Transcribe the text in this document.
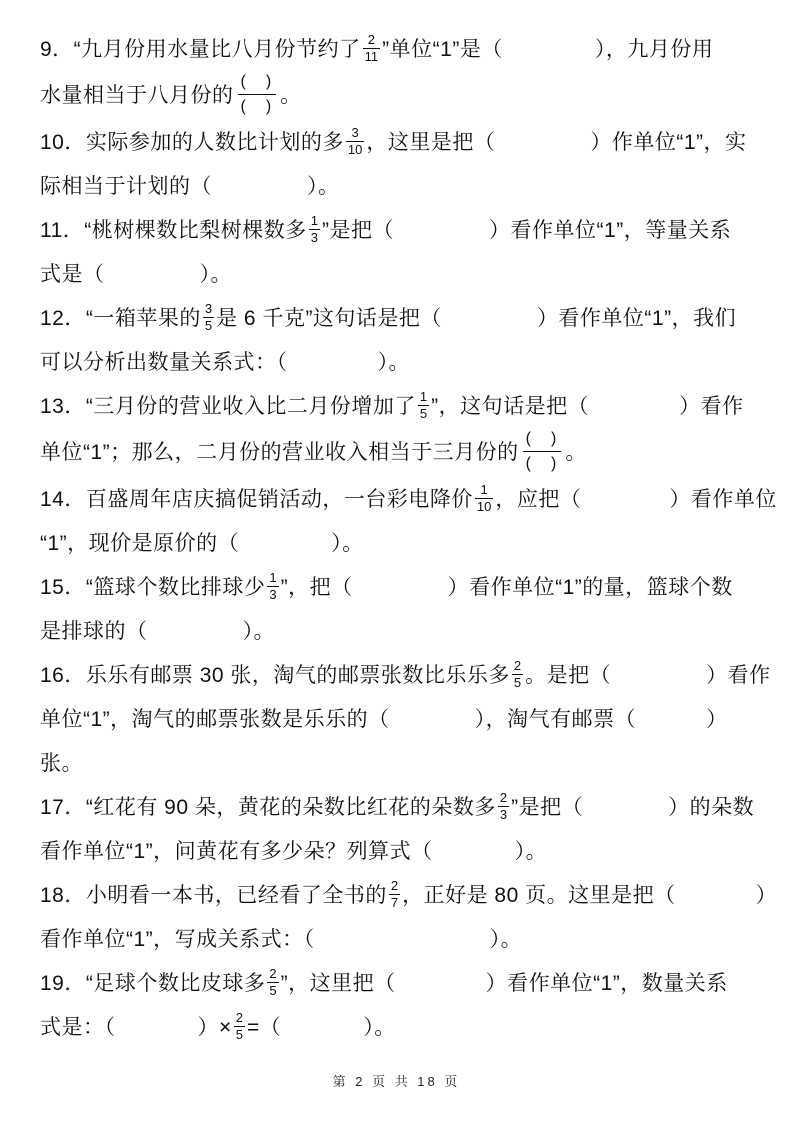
9．“九月份用水量比八月份节约了 $\frac{2}{11}$ ”单位“1”是（	），九月份用

水量相当于八月份的
(　)
(　) 。

10．实际参加的人数比计划的多 $\frac{3}{10}$ ，这里是把（	）作单位“1”，实

际相当于计划的（	）。

11．“桃树棵数比梨树棵数多 $\frac{1}{3}$ ”是把（	）看作单位“1”，等量关系

式是（	）。

12．“一箱苹果的 $\frac{3}{5}$ 是 6 千克”这句话是把（	）看作单位“1”，我们

可以分析出数量关系式：（	）。

13．“三月份的营业收入比二月份增加了 $\frac{1}{5}$ ”，这句话是把（	）看作

单位“1”；那么，二月份的营业收入相当于三月份的
(　)
(　) 。

14．百盛周年店庆搞促销活动，一台彩电降价 $\frac{1}{10}$ ，应把（	）看作单位

“1”，现价是原价的（	）。

15．“篮球个数比排球少 $\frac{1}{3}$ ”，把（	）看作单位“1”的量，篮球个数

是排球的（	）。

16．乐乐有邮票 30 张，淘气的邮票张数比乐乐多 $\frac{2}{5}$ 。是把（	）看作

单位“1”，淘气的邮票张数是乐乐的（	），淘气有邮票（	）

张。

17．“红花有 90 朵，黄花的朵数比红花的朵数多 $\frac{2}{3}$ ”是把（	）的朵数

看作单位“1”，问黄花有多少朵？列算式（	）。

18．小明看一本书，已经看了全书的 $\frac{2}{7}$ ，正好是 80 页。这里是把（	）

看作单位“1”，写成关系式：（	）。

19．“足球个数比皮球多 $\frac{2}{5}$ ”，这里把（	）看作单位“1”，数量关系

式是：（	）× $\frac{2}{5}$ =（	）。

第 2 页 共 18 页
